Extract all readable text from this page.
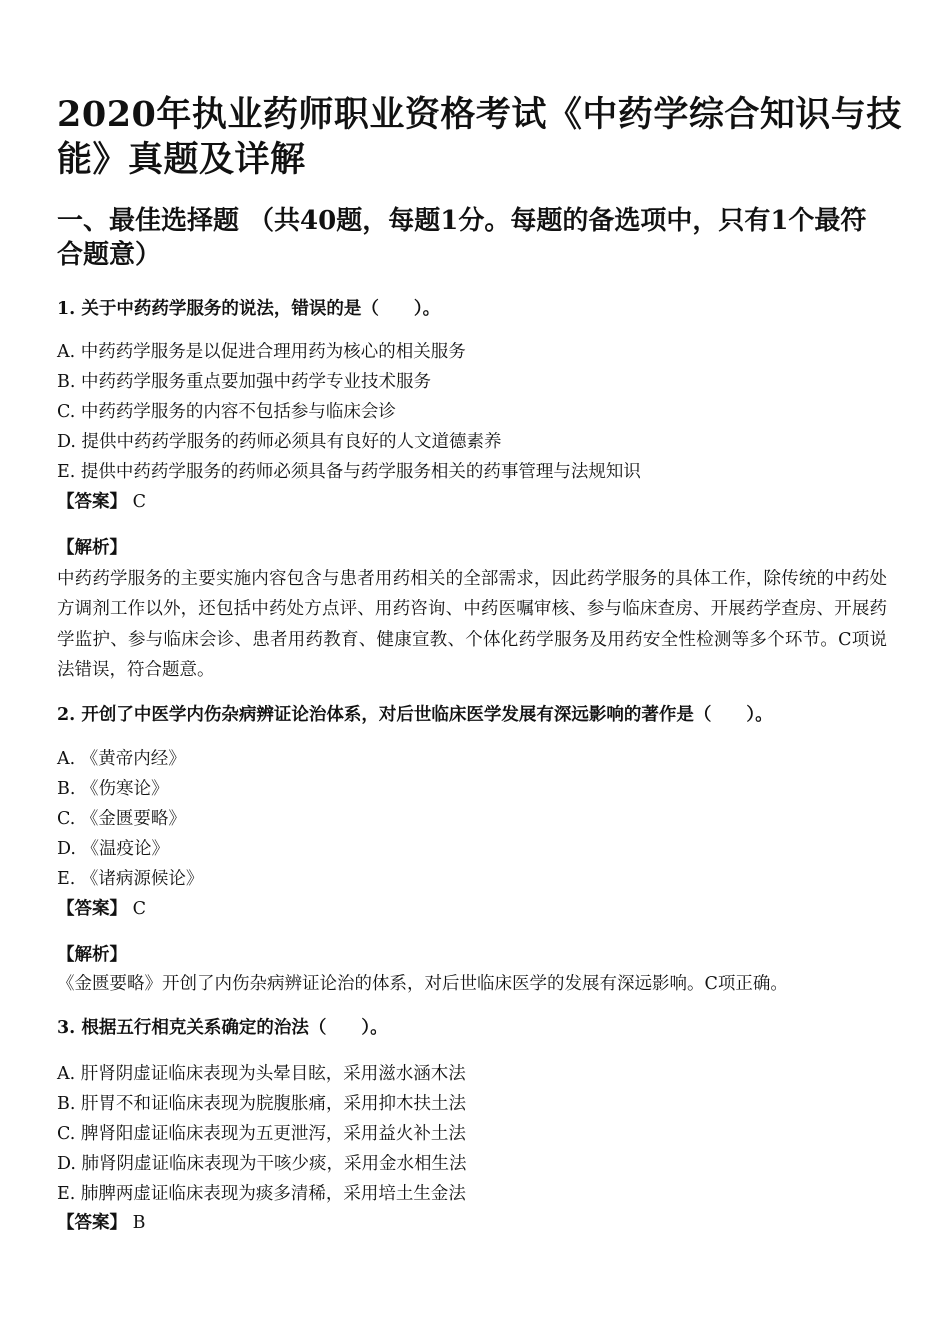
2020年执业药师职业资格考试《中药学综合知识与技
能》真题及详解
一、最佳选择题 （共40题，每题1分。每题的备选项中，只有1个最符
合题意）
1. 关于中药药学服务的说法，错误的是（　　）。
A. 中药药学服务是以促进合理用药为核心的相关服务
B. 中药药学服务重点要加强中药学专业技术服务
C. 中药药学服务的内容不包括参与临床会诊
D. 提供中药药学服务的药师必须具有良好的人文道德素养
E. 提供中药药学服务的药师必须具备与药学服务相关的药事管理与法规知识
【答案】 C
【解析】
中药药学服务的主要实施内容包含与患者用药相关的全部需求，因此药学服务的具体工作，除传统的中药处方调剂工作以外，还包括中药处方点评、用药咨询、中药医嘱审核、参与临床查房、开展药学查房、开展药学监护、参与临床会诊、患者用药教育、健康宣教、个体化药学服务及用药安全性检测等多个环节。C项说法错误，符合题意。
2. 开创了中医学内伤杂病辨证论治体系，对后世临床医学发展有深远影响的著作是（　　）。
A. 《黄帝内经》
B. 《伤寒论》
C. 《金匮要略》
D. 《温疫论》
E. 《诸病源候论》
【答案】 C
【解析】
《金匮要略》开创了内伤杂病辨证论治的体系，对后世临床医学的发展有深远影响。C项正确。
3. 根据五行相克关系确定的治法（　　）。
A. 肝肾阴虚证临床表现为头晕目眩，采用滋水涵木法
B. 肝胃不和证临床表现为脘腹胀痛，采用抑木扶土法
C. 脾肾阳虚证临床表现为五更泄泻，采用益火补土法
D. 肺肾阴虚证临床表现为干咳少痰，采用金水相生法
E. 肺脾两虚证临床表现为痰多清稀，采用培土生金法
【答案】 B
